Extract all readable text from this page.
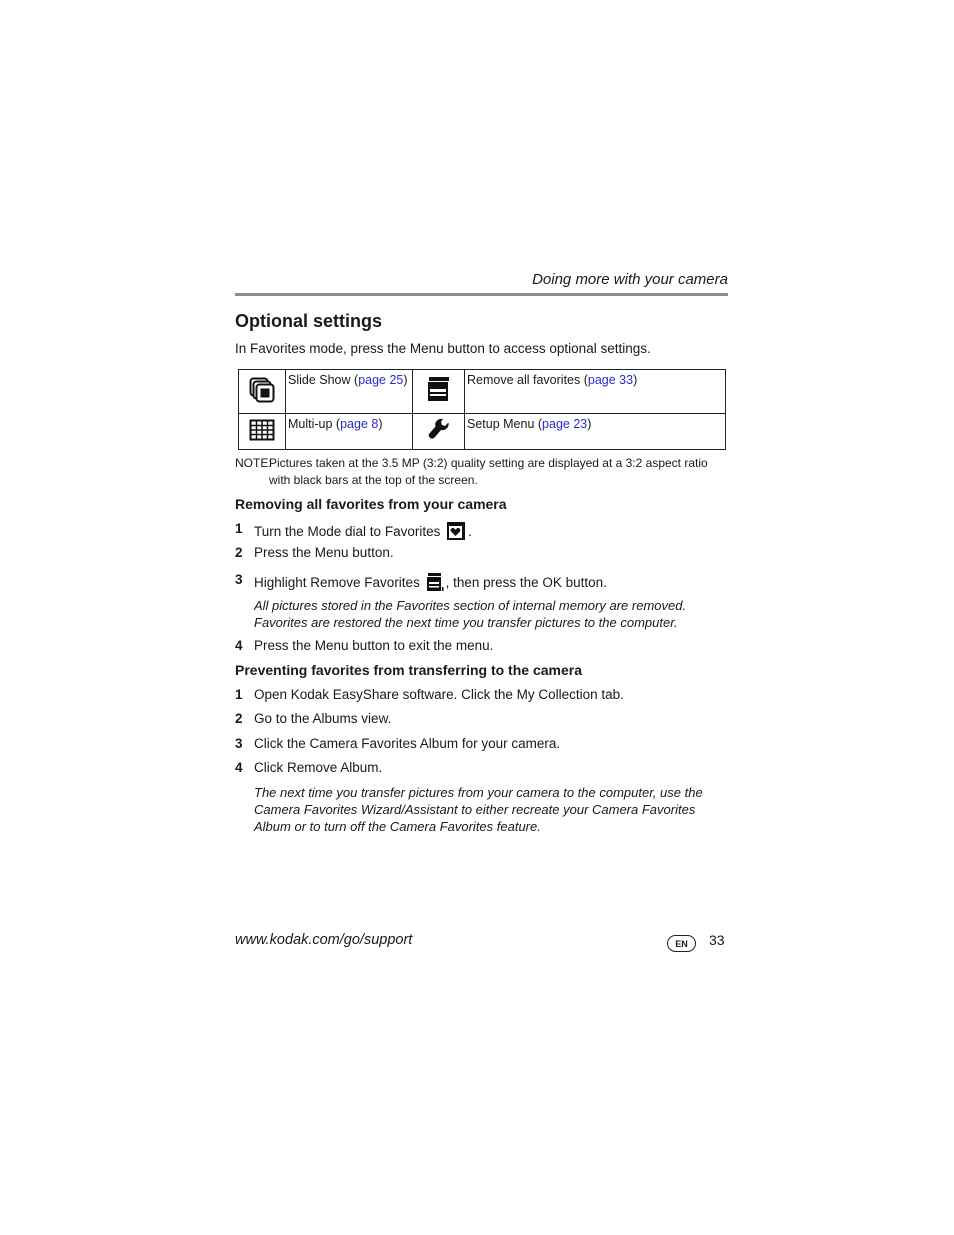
Doing more with your camera
Optional settings
In Favorites mode, press the Menu button to access optional settings.
	Slide Show (page 25)		Remove all favorites (page 33)
	Multi-up (page 8)		Setup Menu (page 23)
NOTE:
Pictures taken at the 3.5 MP (3:2) quality setting are displayed at a 3:2 aspect ratio with black bars at the top of the screen.
Removing all favorites from your camera
1 Turn the Mode dial to Favorites .
2 Press the Menu button.
3 Highlight Remove Favorites , then press the OK button.
All pictures stored in the Favorites section of internal memory are removed. Favorites are restored the next time you transfer pictures to the computer.
4 Press the Menu button to exit the menu.
Preventing favorites from transferring to the camera
1 Open Kodak EasyShare software. Click the My Collection tab.
2 Go to the Albums view.
3 Click the Camera Favorites Album for your camera.
4 Click Remove Album.
The next time you transfer pictures from your camera to the computer, use the Camera Favorites Wizard/Assistant to either recreate your Camera Favorites Album or to turn off the Camera Favorites feature.
www.kodak.com/go/support	EN	33
